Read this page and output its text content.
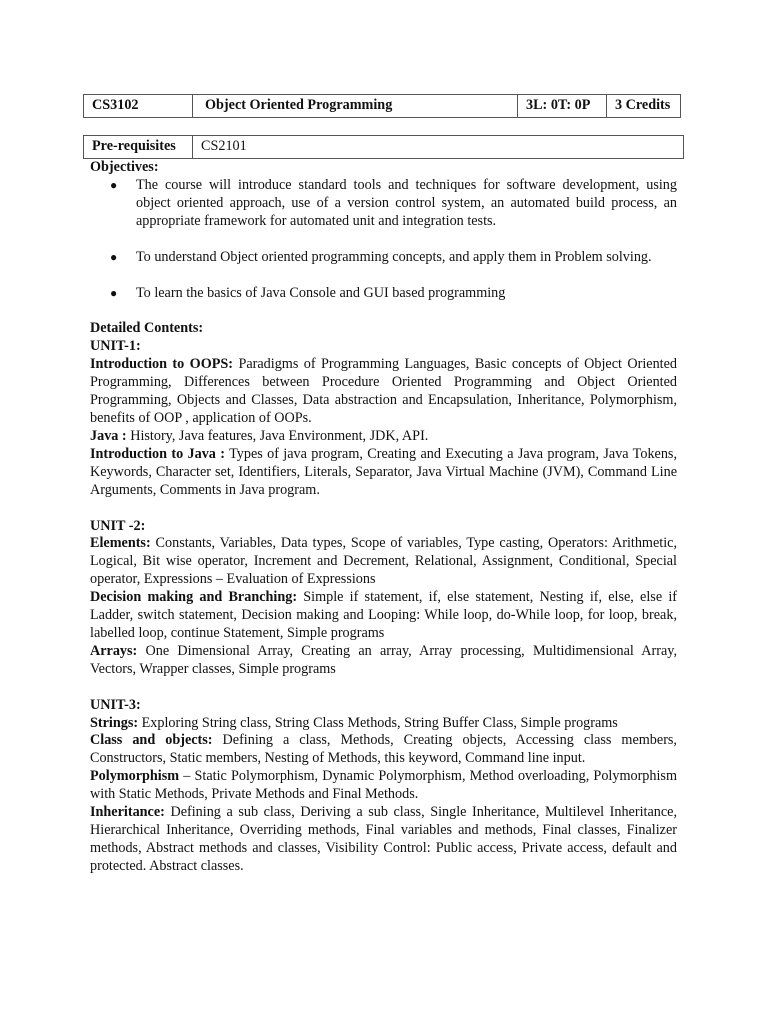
CS3102	Object Oriented Programming	3L: 0T: 0P	3 Credits
Pre-requisites	CS2101
Objectives:
● The course will introduce standard tools and techniques for software development, using object oriented approach, use of a version control system, an automated build process, an appropriate framework for automated unit and integration tests.
● To understand Object oriented programming concepts, and apply them in Problem solving.
● To learn the basics of Java Console and GUI based programming
Detailed Contents:
UNIT-1:

Introduction to OOPS: Paradigms of Programming Languages, Basic concepts of Object Oriented Programming, Differences between Procedure Oriented Programming and Object Oriented Programming, Objects and Classes, Data abstraction and Encapsulation, Inheritance, Polymorphism, benefits of OOP , application of OOPs.

Java : History, Java features, Java Environment, JDK, API.

Introduction to Java : Types of java program, Creating and Executing a Java program, Java Tokens, Keywords, Character set, Identifiers, Literals, Separator, Java Virtual Machine (JVM), Command Line Arguments, Comments in Java program.

UNIT -2:

Elements: Constants, Variables, Data types, Scope of variables, Type casting, Operators: Arithmetic, Logical, Bit wise operator, Increment and Decrement, Relational, Assignment, Conditional, Special operator, Expressions – Evaluation of Expressions

Decision making and Branching: Simple if statement, if, else statement, Nesting if, else, else if Ladder, switch statement, Decision making and Looping: While loop, do-While loop, for loop, break, labelled loop, continue Statement, Simple programs

Arrays: One Dimensional Array, Creating an array, Array processing, Multidimensional Array, Vectors, Wrapper classes, Simple programs

UNIT-3:

Strings: Exploring String class, String Class Methods, String Buffer Class, Simple programs

Class and objects: Defining a class, Methods, Creating objects, Accessing class members, Constructors, Static members, Nesting of Methods, this keyword, Command line input.

Polymorphism – Static Polymorphism, Dynamic Polymorphism, Method overloading, Polymorphism with Static Methods, Private Methods and Final Methods.

Inheritance: Defining a sub class, Deriving a sub class, Single Inheritance, Multilevel Inheritance, Hierarchical Inheritance, Overriding methods, Final variables and methods, Final classes, Finalizer methods, Abstract methods and classes, Visibility Control: Public access, Private access, default and protected. Abstract classes.
